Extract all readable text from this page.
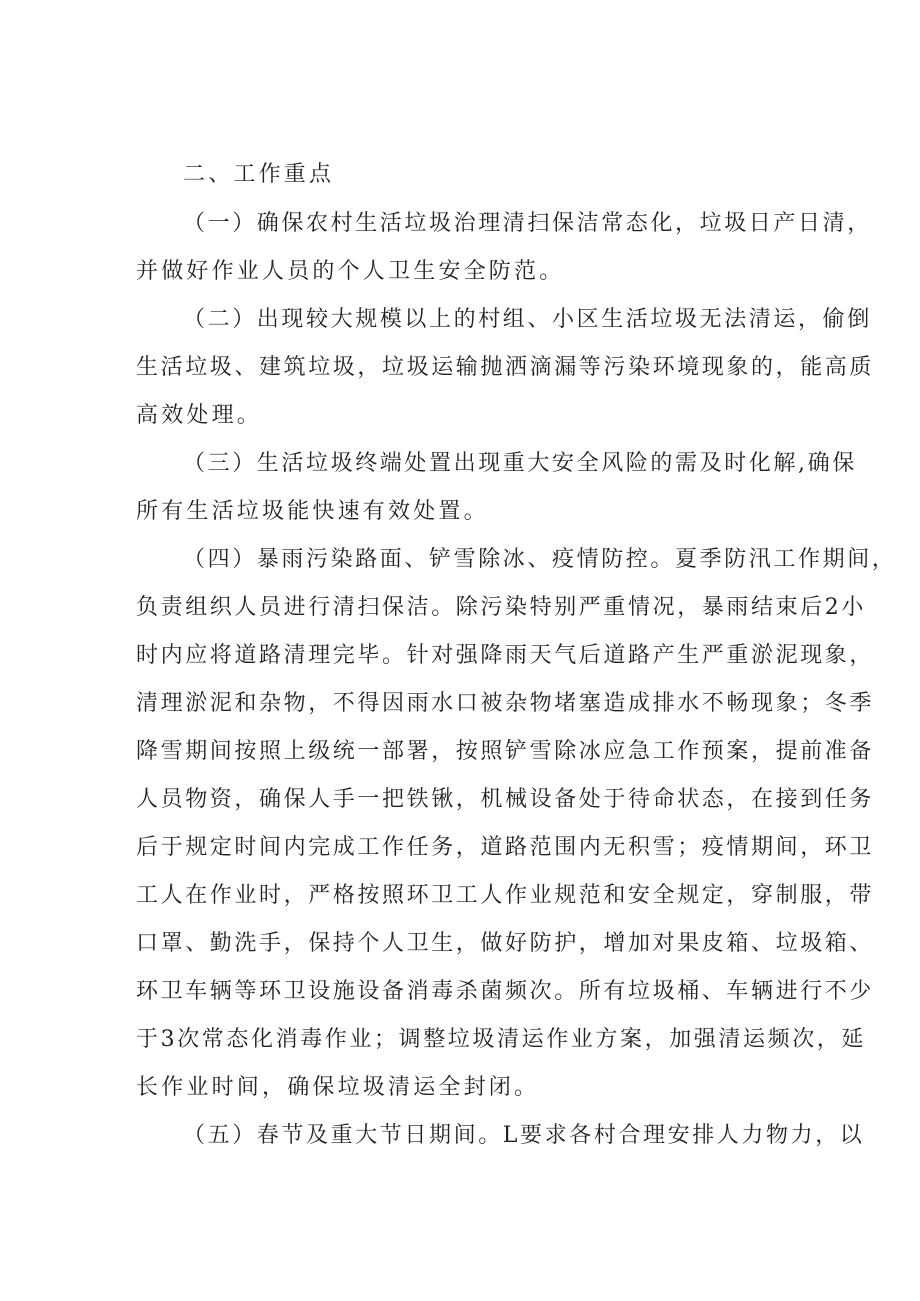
二、工作重点
（一）确保农村生活垃圾治理清扫保洁常态化，垃圾日产日清，
并做好作业人员的个人卫生安全防范。
（二）出现较大规模以上的村组、小区生活垃圾无法清运，偷倒
生活垃圾、建筑垃圾，垃圾运输抛洒滴漏等污染环境现象的，能高质
高效处理。
（三）生活垃圾终端处置出现重大安全风险的需及时化解,确保
所有生活垃圾能快速有效处置。
（四）暴雨污染路面、铲雪除冰、疫情防控。夏季防汛工作期间，
负责组织人员进行清扫保洁。除污染特别严重情况，暴雨结束后2小
时内应将道路清理完毕。针对强降雨天气后道路产生严重淤泥现象，
清理淤泥和杂物，不得因雨水口被杂物堵塞造成排水不畅现象；冬季
降雪期间按照上级统一部署，按照铲雪除冰应急工作预案，提前准备
人员物资，确保人手一把铁锹，机械设备处于待命状态，在接到任务
后于规定时间内完成工作任务，道路范围内无积雪；疫情期间，环卫
工人在作业时，严格按照环卫工人作业规范和安全规定，穿制服，带
口罩、勤洗手，保持个人卫生，做好防护，增加对果皮箱、垃圾箱、
环卫车辆等环卫设施设备消毒杀菌频次。所有垃圾桶、车辆进行不少
于3次常态化消毒作业；调整垃圾清运作业方案，加强清运频次，延
长作业时间，确保垃圾清运全封闭。
（五）春节及重大节日期间。L要求各村合理安排人力物力，以
